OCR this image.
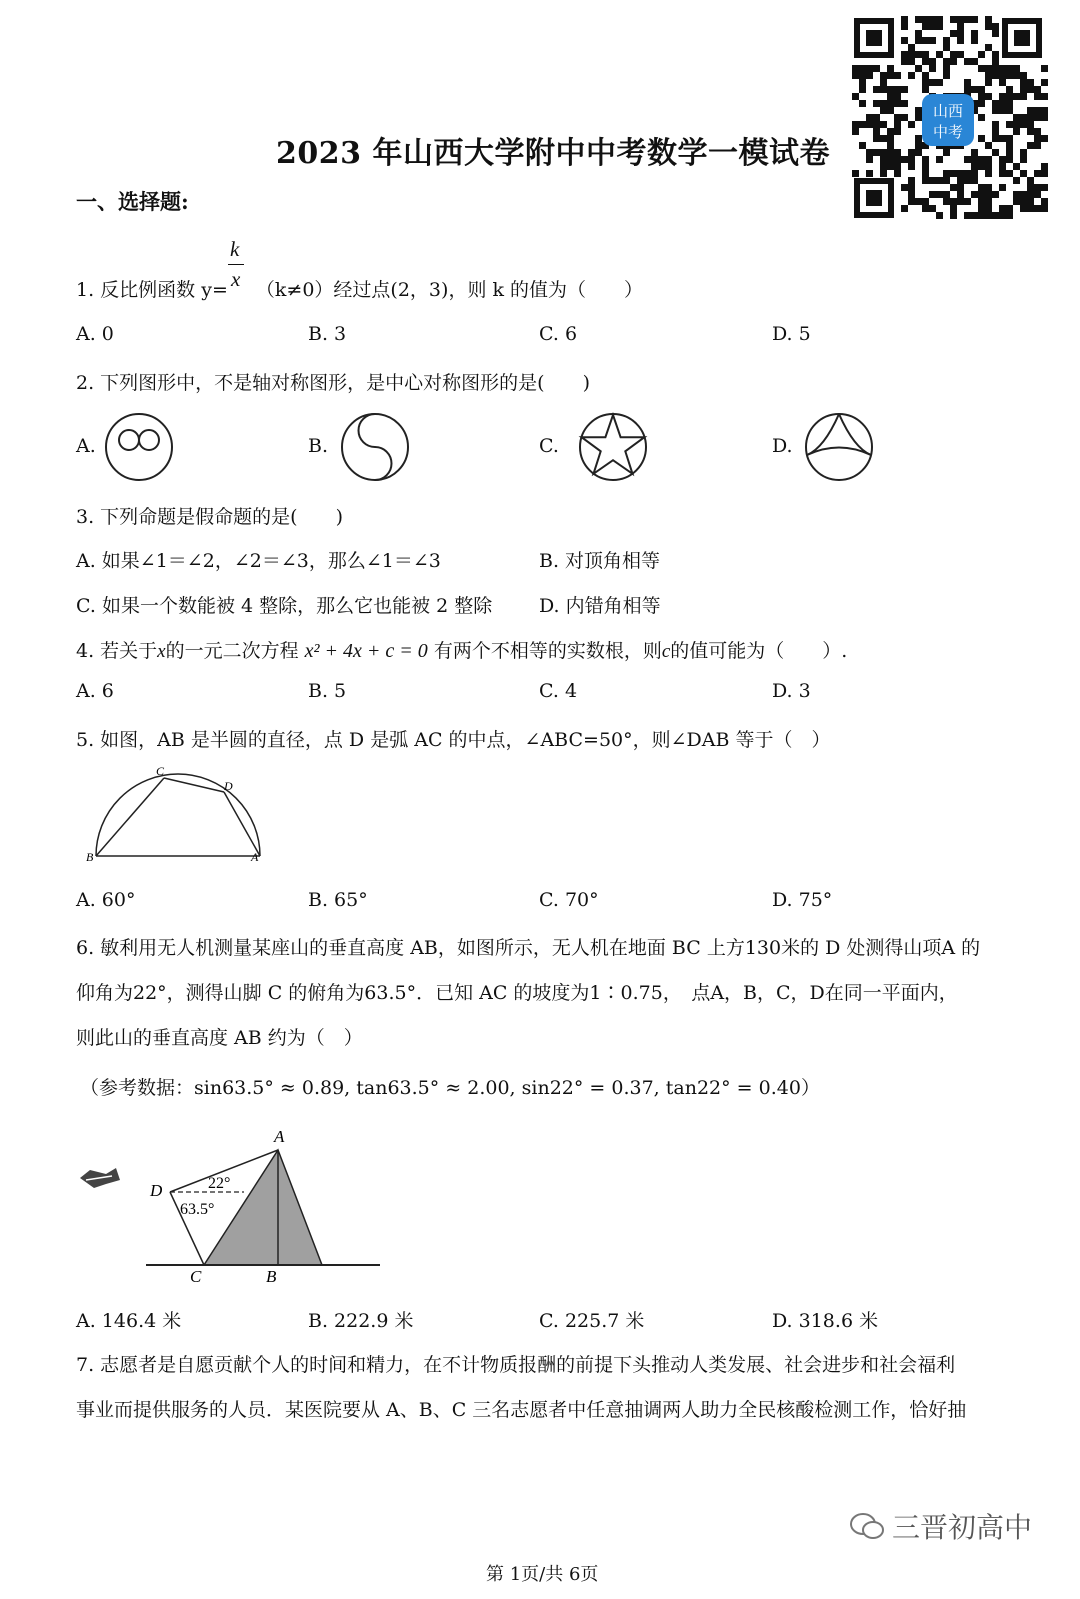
山西
中考
2023 年山西大学附中中考数学一模试卷
一、选择题:
k
x
1. 反比例函数 y= （k≠0）经过点(2，3)，则 k 的值为（　　）
A. 0	B. 3	C. 6	D. 5
2. 下列图形中，不是轴对称图形，是中心对称图形的是(　　)
A.	B.	C.	D.
3. 下列命题是假命题的是(　　)
A. 如果∠1＝∠2，∠2＝∠3，那么∠1＝∠3	B. 对顶角相等
C. 如果一个数能被 4 整除，那么它也能被 2 整除 D. 内错角相等
4. 若关于x的一元二次方程 x² + 4x + c = 0 有两个不相等的实数根，则c的值可能为（　　）.
A. 6	B. 5	C. 4	D. 3
5. 如图，AB 是半圆的直径，点 D 是弧 AC 的中点，∠ABC=50°，则∠DAB 等于（　）
B	A
C
D
A. 60°	B. 65°	C. 70°	D. 75°
6. 敏利用无人机测量某座山的垂直高度 AB，如图所示，无人机在地面 BC 上方130米的 D 处测得山项A 的
仰角为22°，测得山脚 C 的俯角为63.5°．已知 AC 的坡度为1∶0.75，　点A，B，C，D在同一平面内，
则此山的垂直高度 AB 约为（　）
（参考数据：sin63.5° ≈ 0.89, tan63.5° ≈ 2.00, sin22° = 0.37, tan22° = 0.40）
A
D
C	B
22°
63.5°
A. 146.4 米	B. 222.9 米	C. 225.7 米	D. 318.6 米
7. 志愿者是自愿贡献个人的时间和精力，在不计物质报酬的前提下头推动人类发展、社会进步和社会福利
事业而提供服务的人员．某医院要从 A、B、C 三名志愿者中任意抽调两人助力全民核酸检测工作，恰好抽
三晋初高中
第 1页/共 6页
